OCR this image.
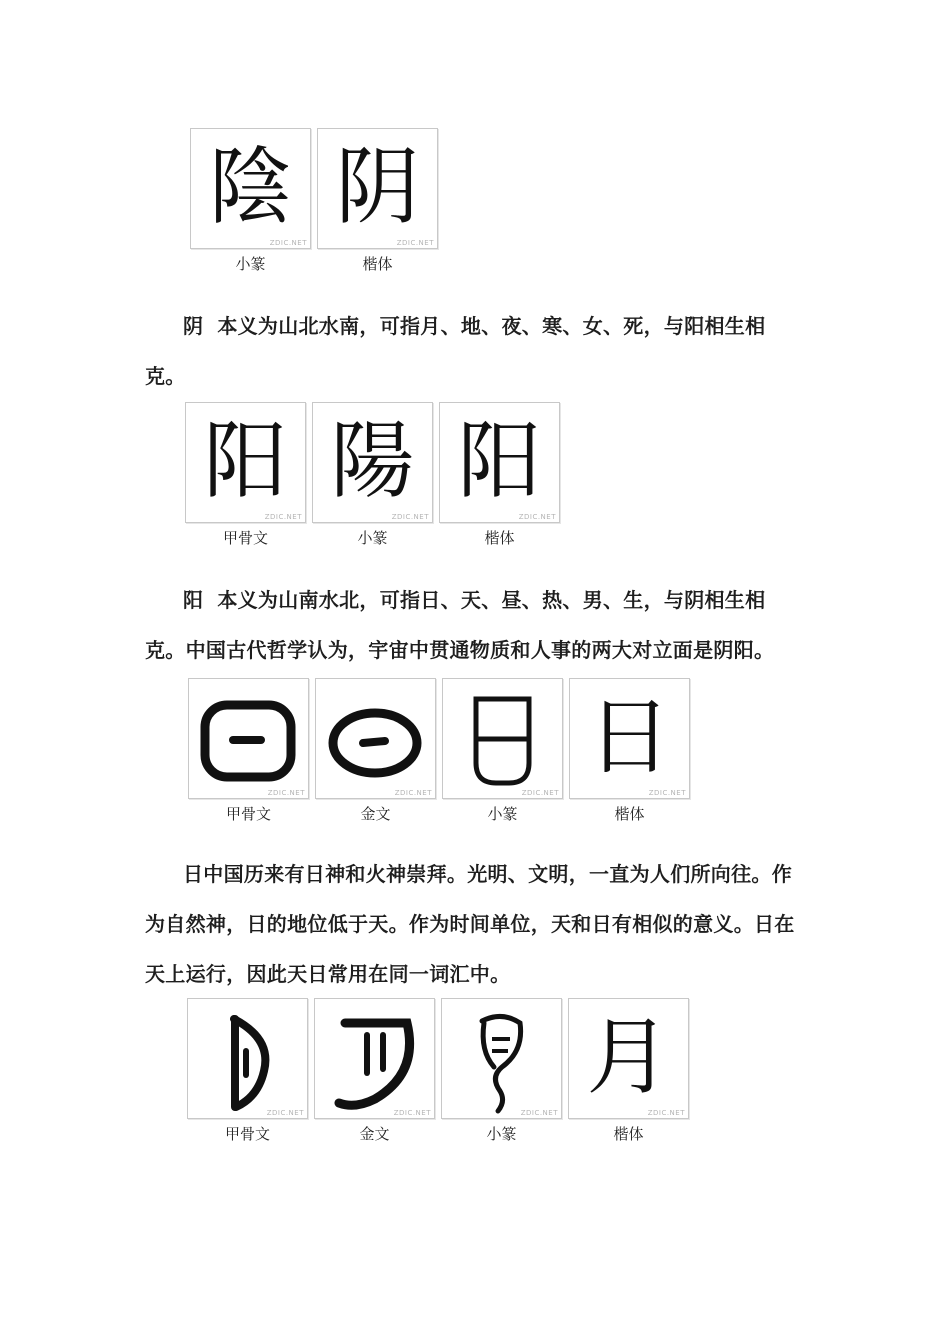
陰
ZDIC.NET
小篆
阴
ZDIC.NET
楷体
阴 本义为山北水南，可指月、地、夜、寒、女、死，与阳相生相克。
阳
ZDIC.NET
甲骨文
陽
ZDIC.NET
小篆
阳
ZDIC.NET
楷体
阳 本义为山南水北，可指日、天、昼、热、男、生，与阴相生相克。中国古代哲学认为，宇宙中贯通物质和人事的两大对立面是阴阳。
ZDIC.NET
甲骨文
ZDIC.NET
金文
ZDIC.NET
小篆
日
ZDIC.NET
楷体
日中国历来有日神和火神崇拜。光明、文明，一直为人们所向往。作为自然神，日的地位低于天。作为时间单位，天和日有相似的意义。日在天上运行，因此天日常用在同一词汇中。
ZDIC.NET
甲骨文
ZDIC.NET
金文
ZDIC.NET
小篆
月
ZDIC.NET
楷体
